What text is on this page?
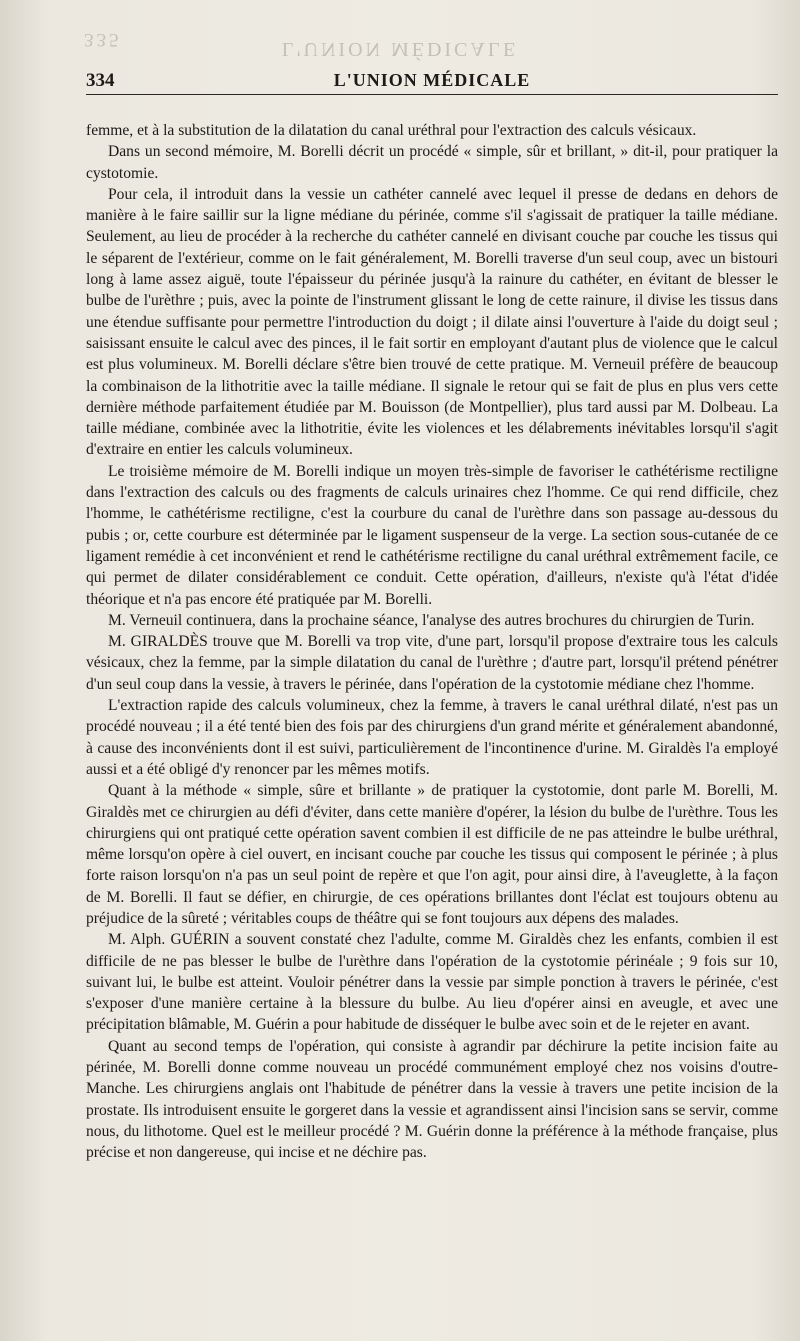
335	L'UNION MÉDICALE
334	L'UNION MÉDICALE

femme, et à la substitution de la dilatation du canal uréthral pour l'extraction des calculs vésicaux.

Dans un second mémoire, M. Borelli décrit un procédé « simple, sûr et brillant, » dit-il, pour pratiquer la cystotomie.

Pour cela, il introduit dans la vessie un cathéter cannelé avec lequel il presse de dedans en dehors de manière à le faire saillir sur la ligne médiane du périnée, comme s'il s'agissait de pratiquer la taille médiane. Seulement, au lieu de procéder à la recherche du cathéter cannelé en divisant couche par couche les tissus qui le séparent de l'extérieur, comme on le fait généralement, M. Borelli traverse d'un seul coup, avec un bistouri long à lame assez aiguë, toute l'épaisseur du périnée jusqu'à la rainure du cathéter, en évitant de blesser le bulbe de l'urèthre ; puis, avec la pointe de l'instrument glissant le long de cette rainure, il divise les tissus dans une étendue suffisante pour permettre l'introduction du doigt ; il dilate ainsi l'ouverture à l'aide du doigt seul ; saisissant ensuite le calcul avec des pinces, il le fait sortir en employant d'autant plus de violence que le calcul est plus volumineux. M. Borelli déclare s'être bien trouvé de cette pratique. M. Verneuil préfère de beaucoup la combinaison de la lithotritie avec la taille médiane. Il signale le retour qui se fait de plus en plus vers cette dernière méthode parfaitement étudiée par M. Bouisson (de Montpellier), plus tard aussi par M. Dolbeau. La taille médiane, combinée avec la lithotritie, évite les violences et les délabrements inévitables lorsqu'il s'agit d'extraire en entier les calculs volumineux.

Le troisième mémoire de M. Borelli indique un moyen très-simple de favoriser le cathétérisme rectiligne dans l'extraction des calculs ou des fragments de calculs urinaires chez l'homme. Ce qui rend difficile, chez l'homme, le cathétérisme rectiligne, c'est la courbure du canal de l'urèthre dans son passage au-dessous du pubis ; or, cette courbure est déterminée par le ligament suspenseur de la verge. La section sous-cutanée de ce ligament remédie à cet inconvénient et rend le cathétérisme rectiligne du canal uréthral extrêmement facile, ce qui permet de dilater considérablement ce conduit. Cette opération, d'ailleurs, n'existe qu'à l'état d'idée théorique et n'a pas encore été pratiquée par M. Borelli.

M. Verneuil continuera, dans la prochaine séance, l'analyse des autres brochures du chirurgien de Turin.

M. GIRALDÈS trouve que M. Borelli va trop vite, d'une part, lorsqu'il propose d'extraire tous les calculs vésicaux, chez la femme, par la simple dilatation du canal de l'urèthre ; d'autre part, lorsqu'il prétend pénétrer d'un seul coup dans la vessie, à travers le périnée, dans l'opération de la cystotomie médiane chez l'homme.

L'extraction rapide des calculs volumineux, chez la femme, à travers le canal uréthral dilaté, n'est pas un procédé nouveau ; il a été tenté bien des fois par des chirurgiens d'un grand mérite et généralement abandonné, à cause des inconvénients dont il est suivi, particulièrement de l'incontinence d'urine. M. Giraldès l'a employé aussi et a été obligé d'y renoncer par les mêmes motifs.

Quant à la méthode « simple, sûre et brillante » de pratiquer la cystotomie, dont parle M. Borelli, M. Giraldès met ce chirurgien au défi d'éviter, dans cette manière d'opérer, la lésion du bulbe de l'urèthre. Tous les chirurgiens qui ont pratiqué cette opération savent combien il est difficile de ne pas atteindre le bulbe uréthral, même lorsqu'on opère à ciel ouvert, en incisant couche par couche les tissus qui composent le périnée ; à plus forte raison lorsqu'on n'a pas un seul point de repère et que l'on agit, pour ainsi dire, à l'aveuglette, à la façon de M. Borelli. Il faut se défier, en chirurgie, de ces opérations brillantes dont l'éclat est toujours obtenu au préjudice de la sûreté ; véritables coups de théâtre qui se font toujours aux dépens des malades.

M. Alph. GUÉRIN a souvent constaté chez l'adulte, comme M. Giraldès chez les enfants, combien il est difficile de ne pas blesser le bulbe de l'urèthre dans l'opération de la cystotomie périnéale ; 9 fois sur 10, suivant lui, le bulbe est atteint. Vouloir pénétrer dans la vessie par simple ponction à travers le périnée, c'est s'exposer d'une manière certaine à la blessure du bulbe. Au lieu d'opérer ainsi en aveugle, et avec une précipitation blâmable, M. Guérin a pour habitude de disséquer le bulbe avec soin et de le rejeter en avant.

Quant au second temps de l'opération, qui consiste à agrandir par déchirure la petite incision faite au périnée, M. Borelli donne comme nouveau un procédé communément employé chez nos voisins d'outre-Manche. Les chirurgiens anglais ont l'habitude de pénétrer dans la vessie à travers une petite incision de la prostate. Ils introduisent ensuite le gorgeret dans la vessie et agrandissent ainsi l'incision sans se servir, comme nous, du lithotome. Quel est le meilleur procédé ? M. Guérin donne la préférence à la méthode française, plus précise et non dangereuse, qui incise et ne déchire pas.
